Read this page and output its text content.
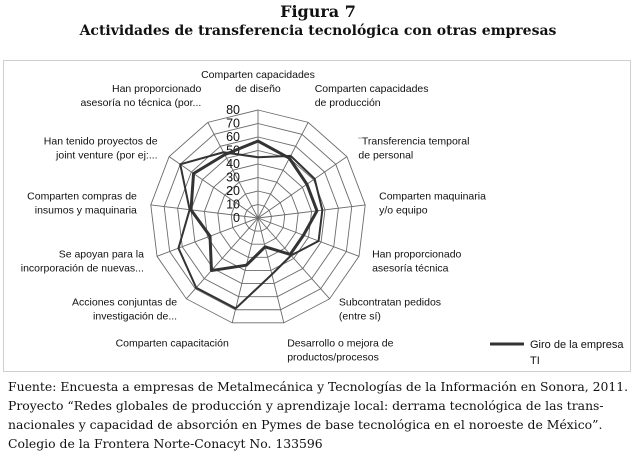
Figura 7
Actividades de transferencia tecnológica con otras empresas
0
10
20
30
40
50
60
70
80
Comparten capacidades
de diseño	Comparten capacidades
de producción
¨Transferencia temporal
de personal
Comparten maquinaria
y/o equipo
Han proporcionado
asesoría técnica
Subcontratan pedidos
(entre sí)
Desarrollo o mejora de
productos/procesos
Comparten capacitación
Acciones conjuntas de
investigación de...
Se apoyan para la
incorporación de nuevas...
Comparten compras de
insumos y maquinaria
Han tenido proyectos de
joint venture (por ej:...
Han proporcionado
asesoría no técnica (por...
Giro de la empresa
TI
Fuente: Encuesta a empresas de Metalmecánica y Tecnologías de la Información en Sonora, 2011.
Proyecto “Redes globales de producción y aprendizaje local: derrama tecnológica de las trans-
nacionales y capacidad de absorción en Pymes de base tecnológica en el noroeste de México”.
Colegio de la Frontera Norte-Conacyt No. 133596
